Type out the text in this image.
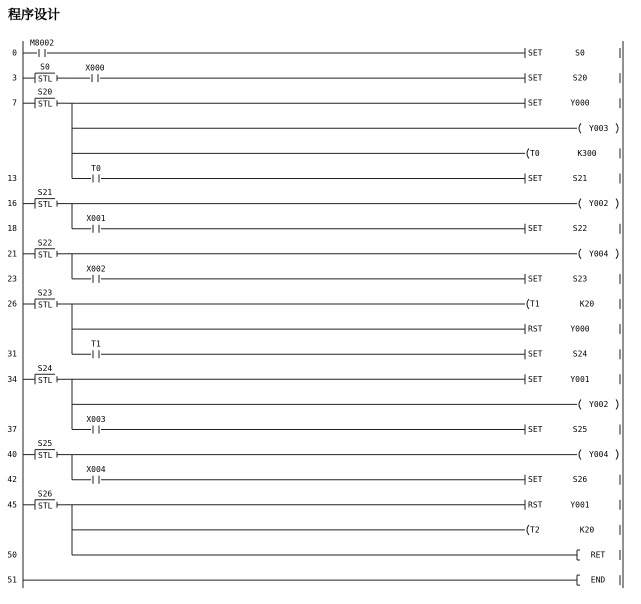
程序设计
0
M8002
SET	S0
3	STL
S0	X000
SET	S20
7	STL
S20
SET	Y000
Y003
T0	K300
13
T0
SET	S21
16	STL
S21
Y002
18
X001
SET	S22
21	STL
S22
Y004
23
X002
SET	S23
26	STL
S23
T1	K20
RST	Y000
31
T1
SET	S24
34	STL
S24
SET	Y001
Y002
37
X003
SET	S25
40	STL
S25
Y004
42
X004
SET	S26
45	STL
S26
RST	Y001
T2	K20
50	RET
51	END
